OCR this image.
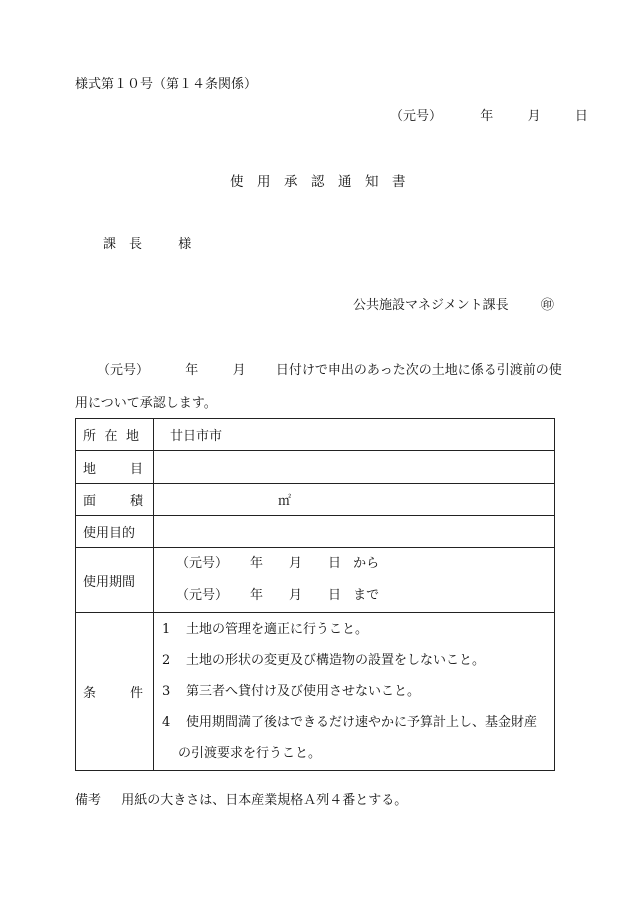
様式第１０号（第１４条関係）
（元号）	年	月	日
使　用　承　認　通　知　書
課　長	様
公共施設マネジメント課長 ㊞
（元号）	年	月 日付けで申出のあった次の土地に係る引渡前の使
用について承認します。
所 在 地	廿日市市

地 目	

面 積	㎡
使用目的	
使用期間	（元号） 年 月 日 から
（元号） 年 月 日 まで

条 件	1 土地の管理を適正に行うこと。
2 土地の形状の変更及び構造物の設置をしないこと。
3 第三者へ貸付け及び使用させないこと。
4 使用期間満了後はできるだけ速やかに予算計上し、基金財産
の引渡要求を行うこと。
備考 用紙の大きさは、日本産業規格Ａ列４番とする。
